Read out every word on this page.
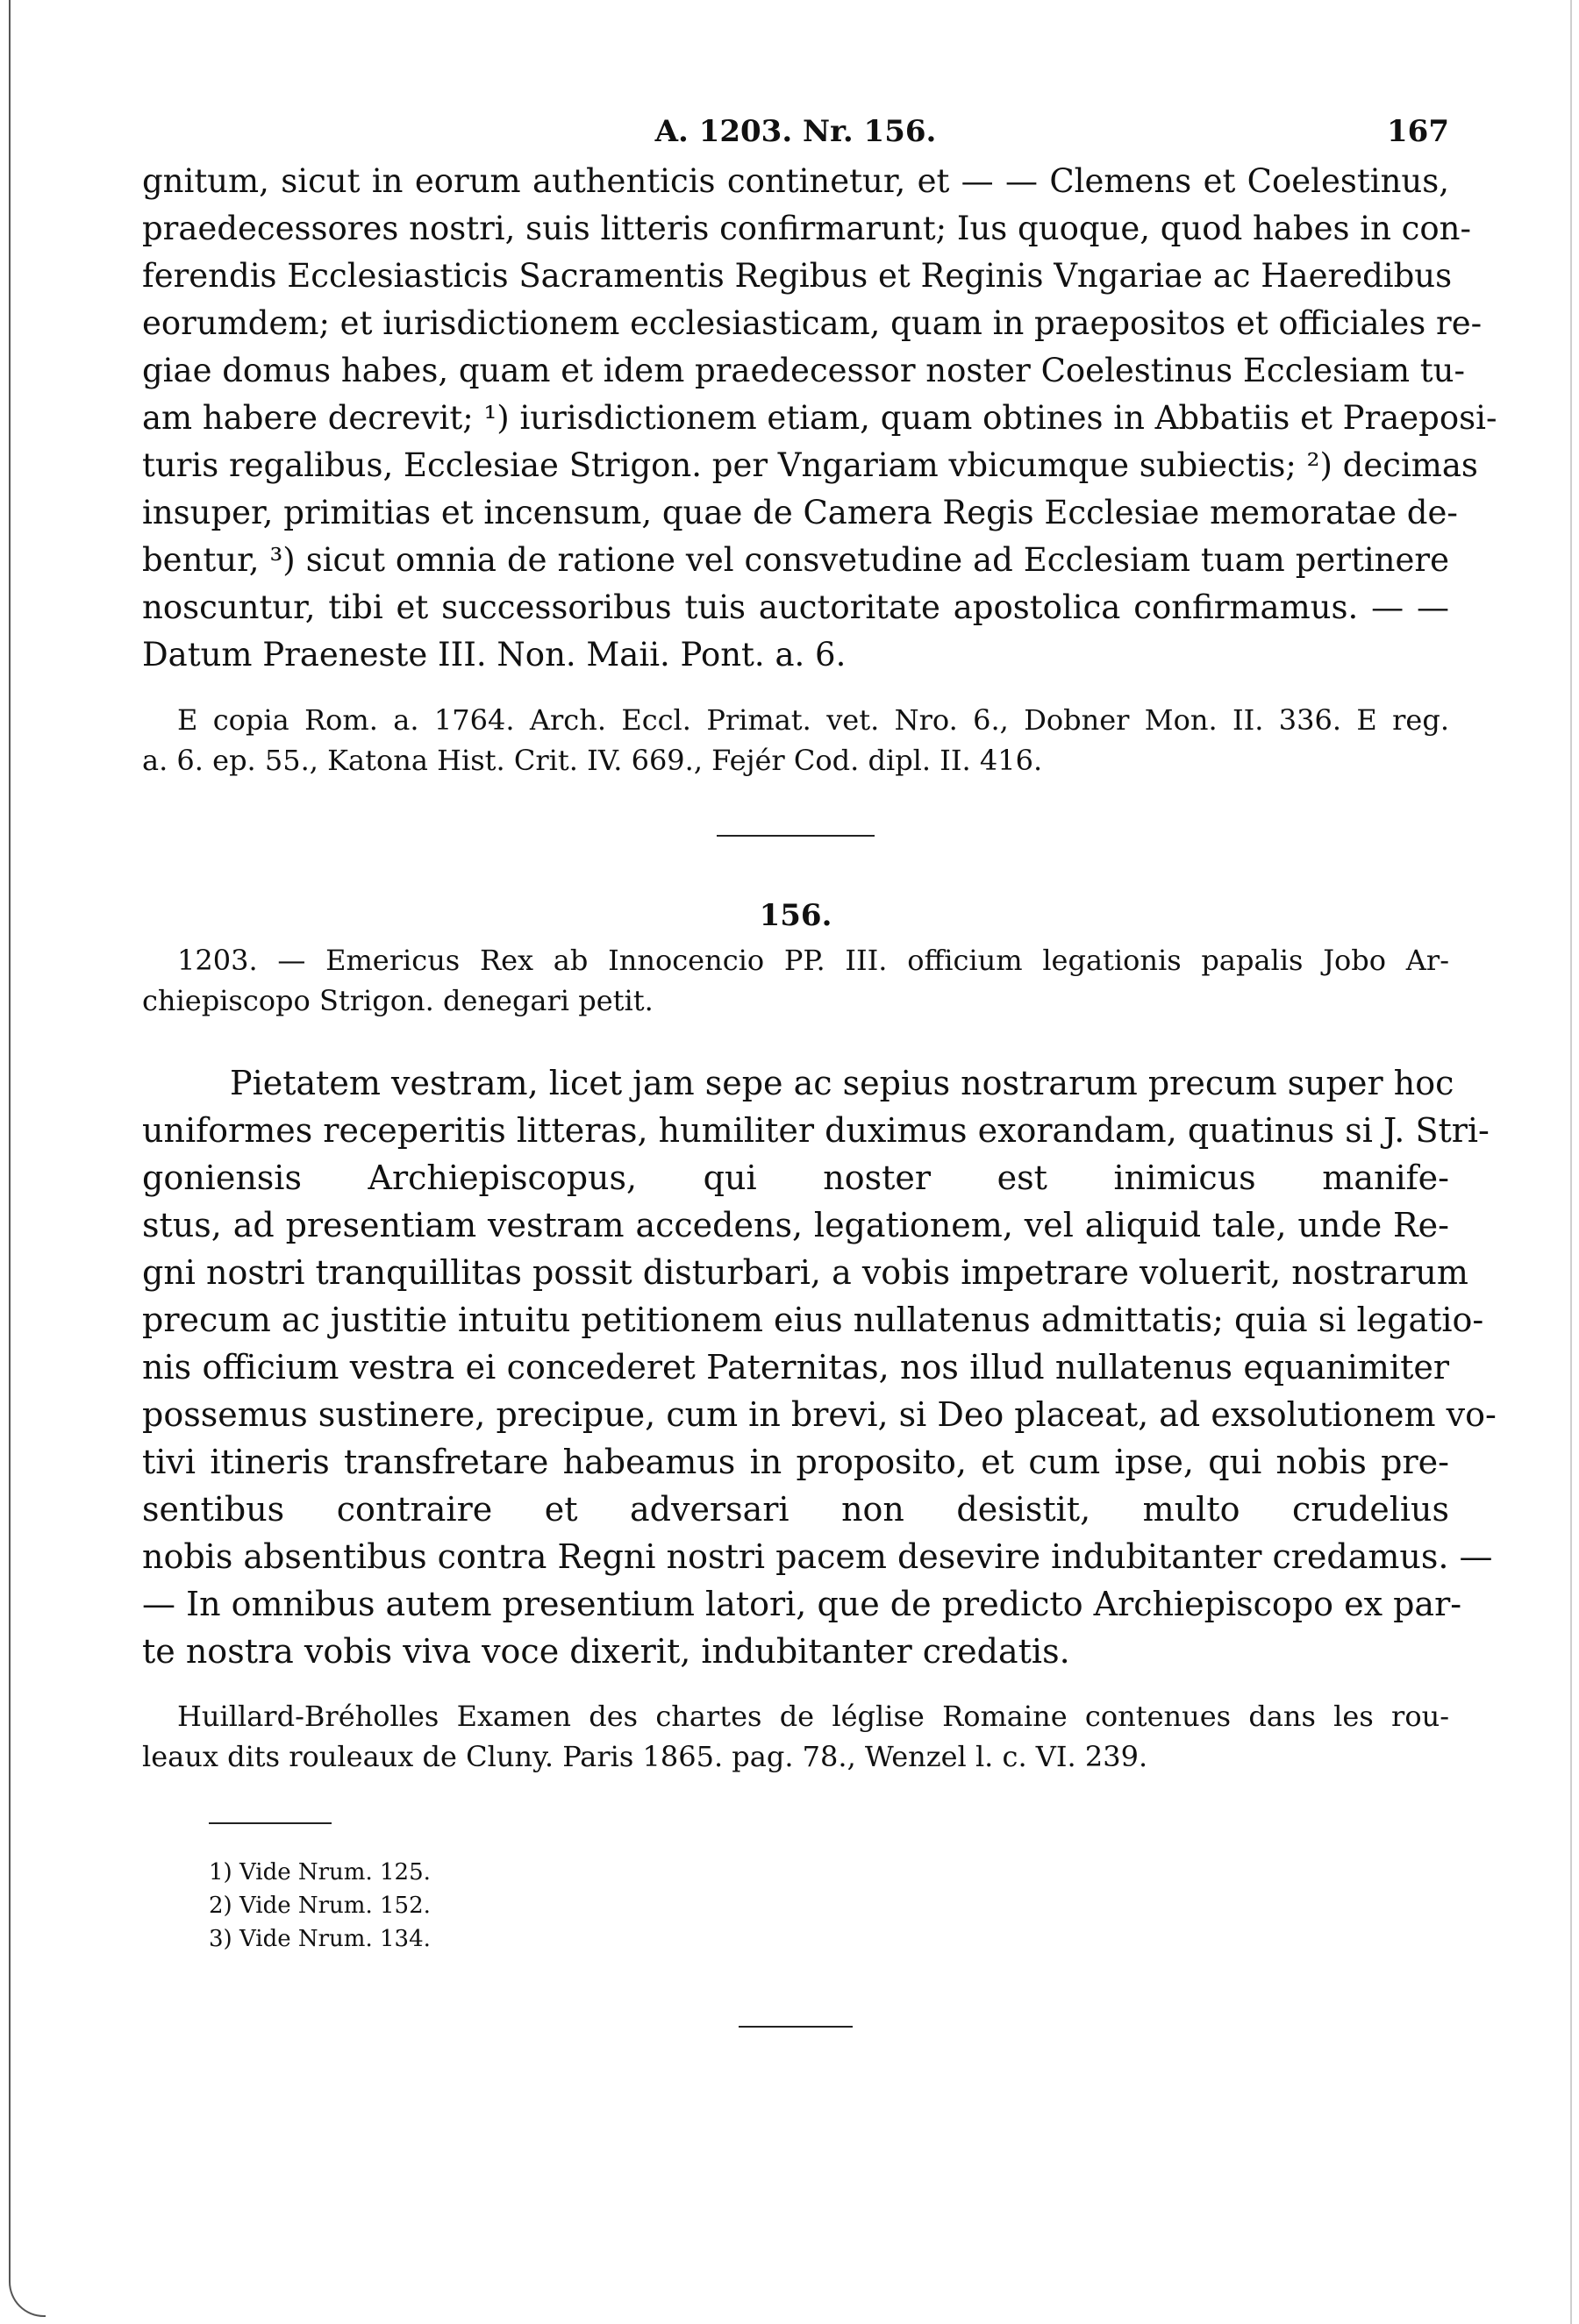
A. 1203. Nr. 156.	167
gnitum, sicut in eorum authenticis continetur, et — — Clemens et Coelestinus,
praedecessores nostri, suis litteris confirmarunt; Ius quoque, quod habes in con-
ferendis Ecclesiasticis Sacramentis Regibus et Reginis Vngariae ac Haeredibus
eorumdem; et iurisdictionem ecclesiasticam, quam in praepositos et officiales re-
giae domus habes, quam et idem praedecessor noster Coelestinus Ecclesiam tu-
am habere decrevit; ¹) iurisdictionem etiam, quam obtines in Abbatiis et Praeposi-
turis regalibus, Ecclesiae Strigon. per Vngariam vbicumque subiectis; ²) decimas
insuper, primitias et incensum, quae de Camera Regis Ecclesiae memoratae de-
bentur, ³) sicut omnia de ratione vel consvetudine ad Ecclesiam tuam pertinere
noscuntur, tibi et successoribus tuis auctoritate apostolica confirmamus. — —
Datum Praeneste III. Non. Maii. Pont. a. 6.
E copia Rom. a. 1764. Arch. Eccl. Primat. vet. Nro. 6., Dobner Mon. II. 336. E reg.
a. 6. ep. 55., Katona Hist. Crit. IV. 669., Fejér Cod. dipl. II. 416.
156.
1203. — Emericus Rex ab Innocencio PP. III. officium legationis papalis Jobo Ar-
chiepiscopo Strigon. denegari petit.
Pietatem vestram, licet jam sepe ac sepius nostrarum precum super hoc
uniformes receperitis litteras, humiliter duximus exorandam, quatinus si J. Stri-
goniensis Archiepiscopus, qui noster est inimicus manife-
stus, ad presentiam vestram accedens, legationem, vel aliquid tale, unde Re-
gni nostri tranquillitas possit disturbari, a vobis impetrare voluerit, nostrarum
precum ac justitie intuitu petitionem eius nullatenus admittatis; quia si legatio-
nis officium vestra ei concederet Paternitas, nos illud nullatenus equanimiter
possemus sustinere, precipue, cum in brevi, si Deo placeat, ad exsolutionem vo-
tivi itineris transfretare habeamus in proposito, et cum ipse, qui nobis pre-
sentibus contraire et adversari non desistit, multo crudelius
nobis absentibus contra Regni nostri pacem desevire indubitanter credamus. —
— In omnibus autem presentium latori, que de predicto Archiepiscopo ex par-
te nostra vobis viva voce dixerit, indubitanter credatis.
Huillard-Bréholles Examen des chartes de léglise Romaine contenues dans les rou-
leaux dits rouleaux de Cluny. Paris 1865. pag. 78., Wenzel l. c. VI. 239.
1) Vide Nrum. 125.
2) Vide Nrum. 152.
3) Vide Nrum. 134.
